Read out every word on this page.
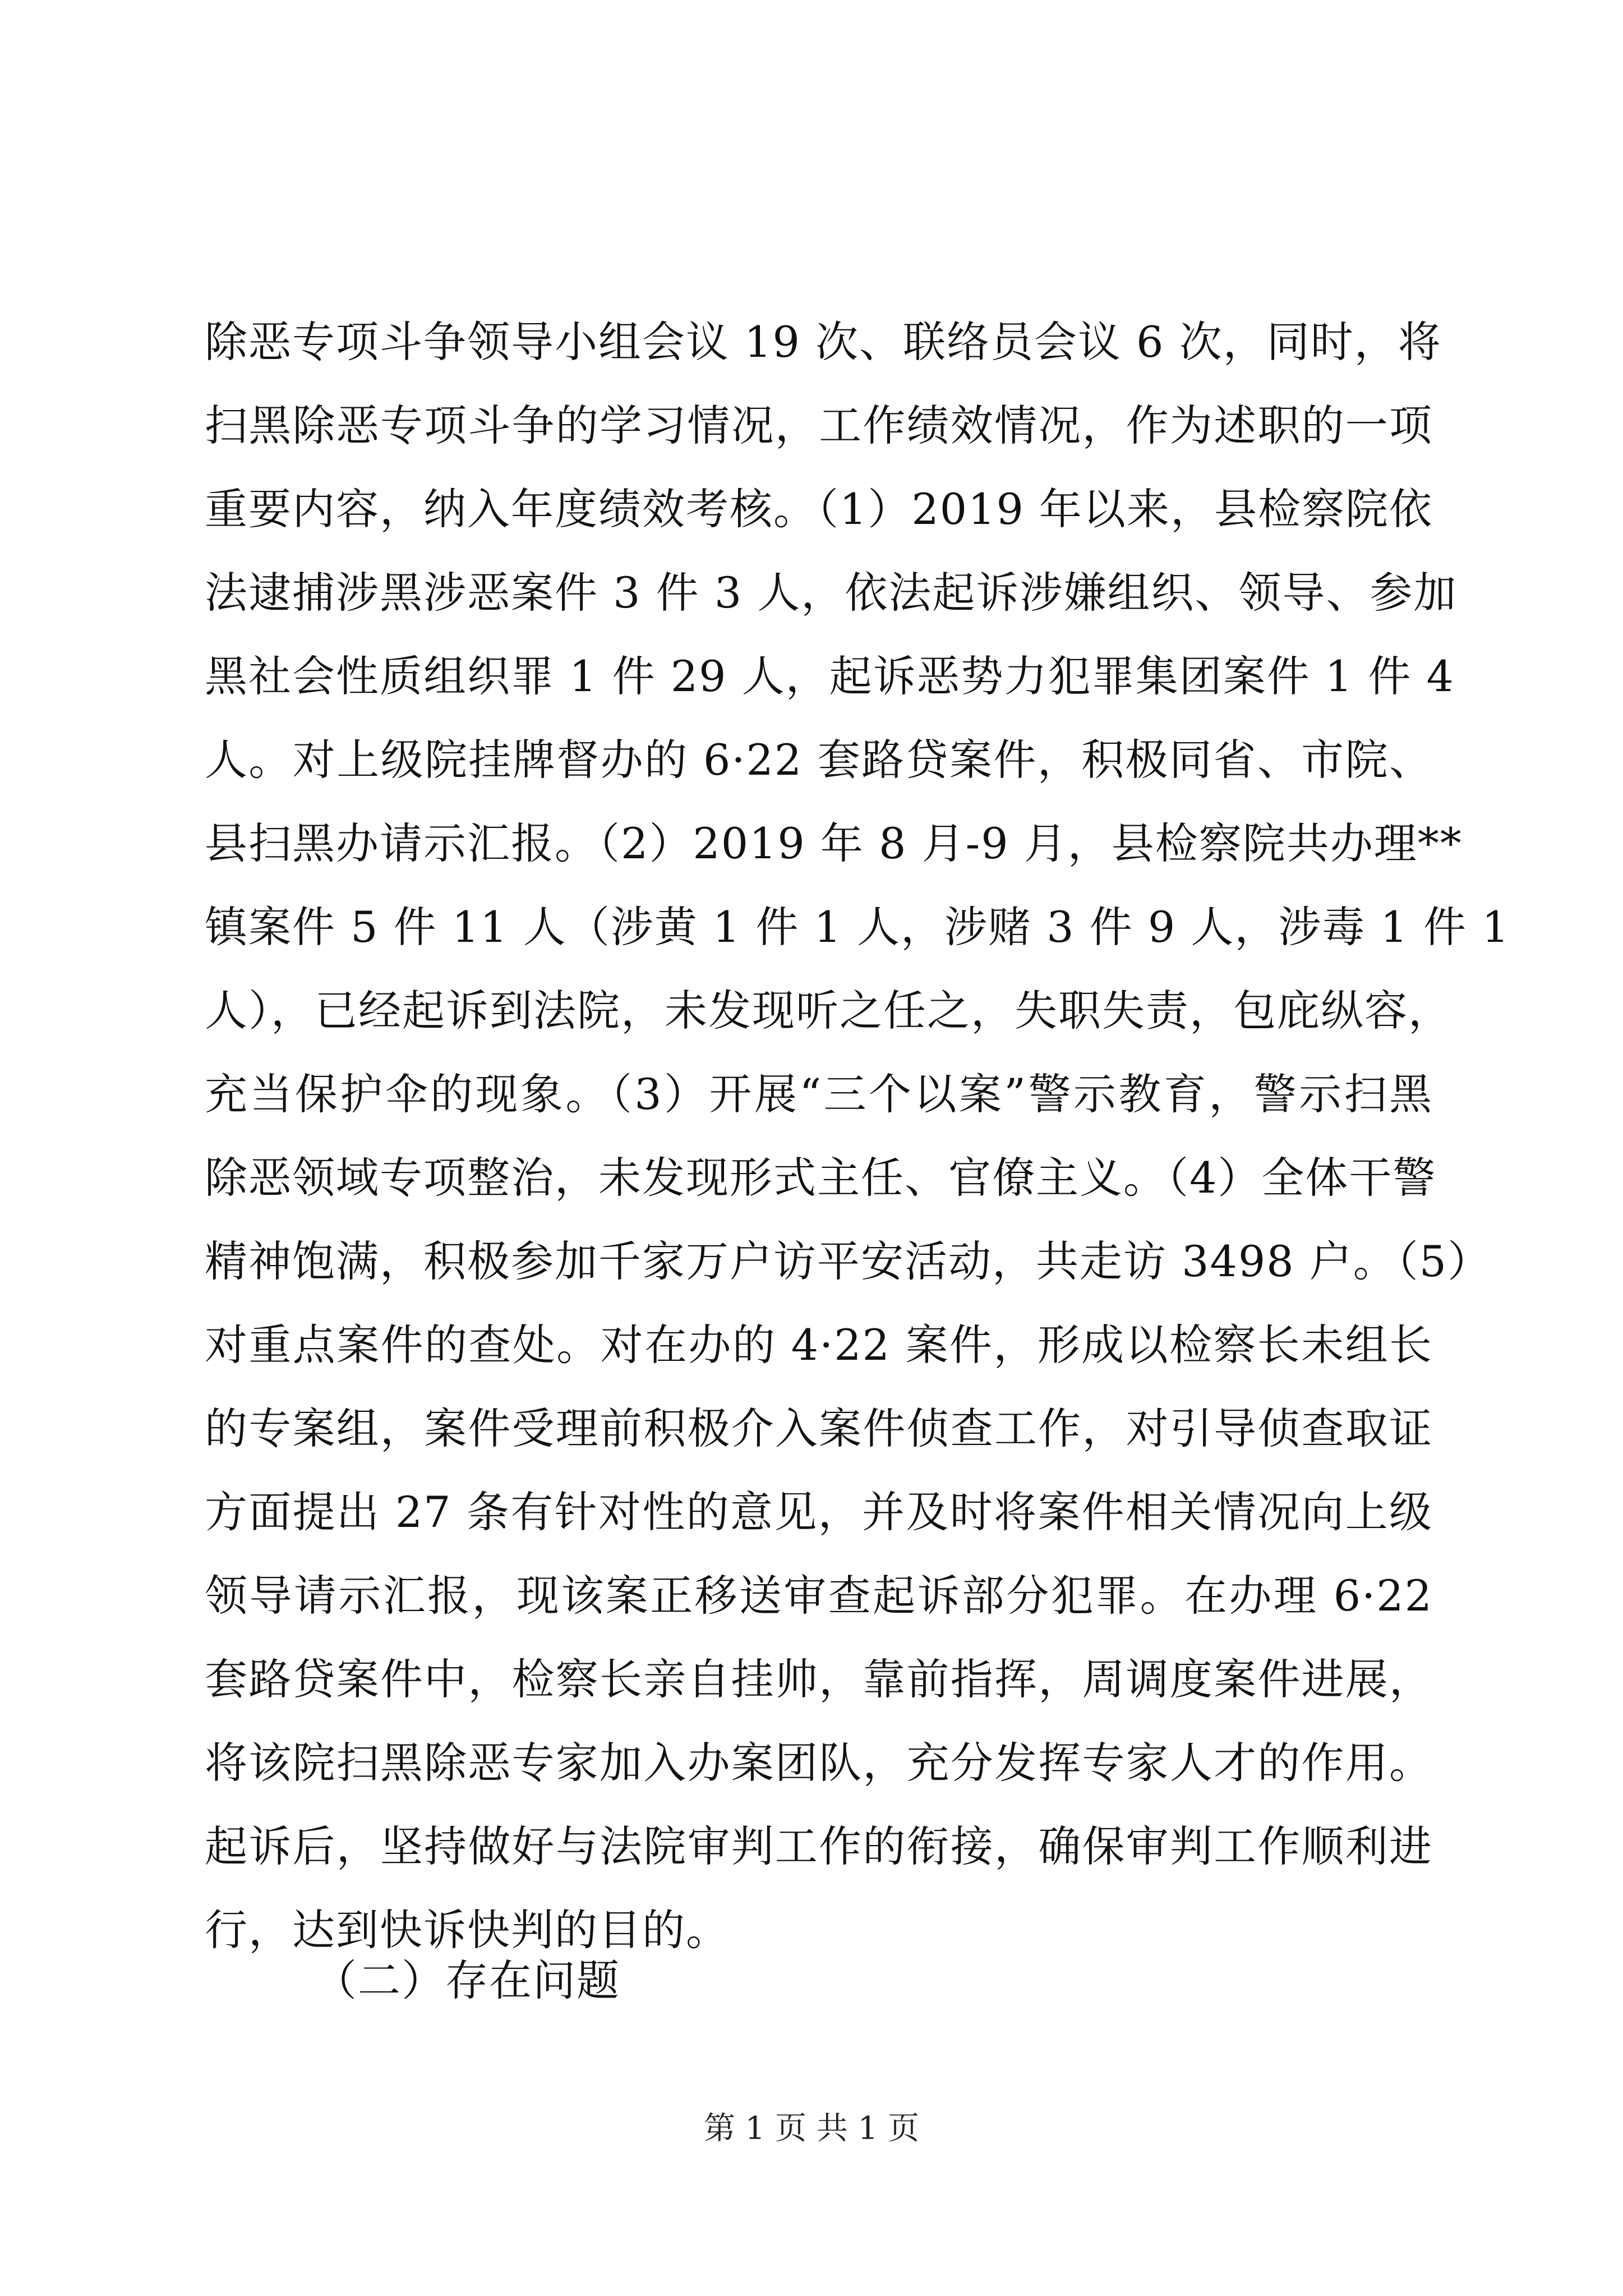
除恶专项斗争领导小组会议 19 次、联络员会议 6 次，同时，将
扫黑除恶专项斗争的学习情况，工作绩效情况，作为述职的一项
重要内容，纳入年度绩效考核。（1）2019 年以来，县检察院依
法逮捕涉黑涉恶案件 3 件 3 人，依法起诉涉嫌组织、领导、参加
黑社会性质组织罪 1 件 29 人，起诉恶势力犯罪集团案件 1 件 4
人。对上级院挂牌督办的 6·22 套路贷案件，积极同省、市院、
县扫黑办请示汇报。（2）2019 年 8 月-9 月，县检察院共办理**
镇案件 5 件 11 人（涉黄 1 件 1 人，涉赌 3 件 9 人，涉毒 1 件 1
人），已经起诉到法院，未发现听之任之，失职失责，包庇纵容，
充当保护伞的现象。（3）开展“三个以案”警示教育，警示扫黑
除恶领域专项整治，未发现形式主任、官僚主义。（4）全体干警
精神饱满，积极参加千家万户访平安活动，共走访 3498 户。（5）
对重点案件的查处。对在办的 4·22 案件，形成以检察长未组长
的专案组，案件受理前积极介入案件侦查工作，对引导侦查取证
方面提出 27 条有针对性的意见，并及时将案件相关情况向上级
领导请示汇报，现该案正移送审查起诉部分犯罪。在办理 6·22
套路贷案件中，检察长亲自挂帅，靠前指挥，周调度案件进展，
将该院扫黑除恶专家加入办案团队，充分发挥专家人才的作用。
起诉后，坚持做好与法院审判工作的衔接，确保审判工作顺利进
行，达到快诉快判的目的。
（二）存在问题
第 1 页 共 1 页
